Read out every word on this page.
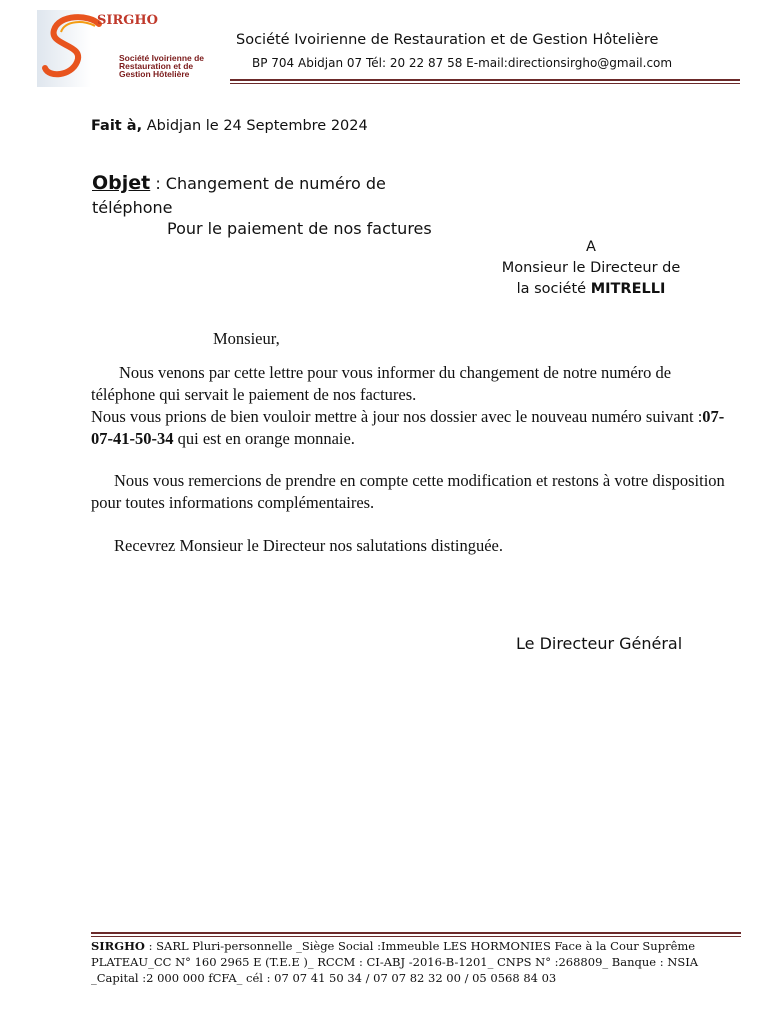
SIRGHO
Société Ivoirienne de Restauration et de Gestion Hôtelière
Société Ivoirienne de Restauration et de Gestion Hôtelière
BP 704 Abidjan 07 Tél: 20 22 87 58 E-mail:directionsirgho@gmail.com
Fait à, Abidjan le 24 Septembre 2024
Objet : Changement de numéro de téléphone
Pour le paiement de nos factures
A
Monsieur le Directeur de
la société MITRELLI
Monsieur,
Nous venons par cette lettre pour vous informer du changement de notre numéro de téléphone qui servait le paiement de nos factures.
Nous vous prions de bien vouloir mettre à jour nos dossier avec le nouveau numéro suivant :07-07-41-50-34 qui est en orange monnaie.
Nous vous remercions de prendre en compte cette modification et restons à votre disposition pour toutes informations complémentaires.
Recevrez Monsieur le Directeur nos salutations distinguée.
Le Directeur Général
SIRGHO : SARL Pluri-personnelle _Siège Social :Immeuble LES HORMONIES Face à la Cour Suprême PLATEAU_CC N° 160 2965 E (T.E.E )_ RCCM : CI-ABJ -2016-B-1201_ CNPS N° :268809_ Banque : NSIA _Capital :2 000 000 fCFA_ cél : 07 07 41 50 34 / 07 07 82 32 00 / 05 0568 84 03
